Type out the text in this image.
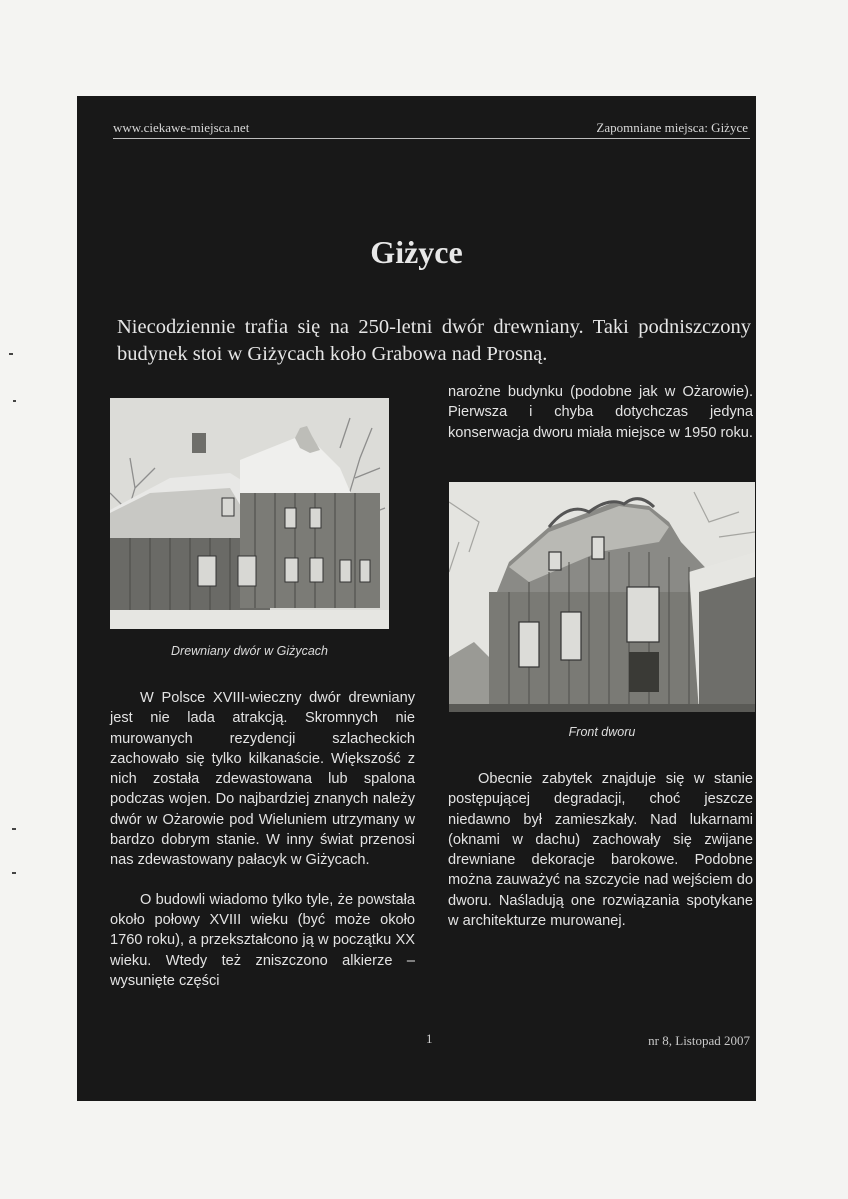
www.ciekawe-miejsca.net	Zapomniane miejsca: Giżyce
Giżyce
Niecodziennie trafia się na 250-letni dwór drewniany. Taki podniszczony budynek stoi w Giżycach koło Grabowa nad Prosną.
Drewniany dwór w Giżycach
Front dworu

W Polsce XVIII-wieczny dwór drewniany jest nie lada atrakcją. Skromnych nie murowanych rezydencji szlacheckich zachowało się tylko kilkanaście. Większość z nich została zdewastowana lub spalona podczas wojen. Do najbardziej znanych należy dwór w Ożarowie pod Wieluniem utrzymany w bardzo dobrym stanie. W inny świat przenosi nas zdewastowany pałacyk w Giżycach.

O budowli wiadomo tylko tyle, że powstała około połowy XVIII wieku (być może około 1760 roku), a przekształcono ją w początku XX wieku. Wtedy też zniszczono alkierze – wysunięte części

narożne budynku (podobne jak w Ożarowie). Pierwsza i chyba dotychczas jedyna konserwacja dworu miała miejsce w 1950 roku.

Obecnie zabytek znajduje się w stanie postępującej degradacji, choć jeszcze niedawno był zamieszkały. Nad lukarnami (oknami w dachu) zachowały się zwijane drewniane dekoracje barokowe. Podobne można zauważyć na szczycie nad wejściem do dworu. Naśladują one rozwiązania spotykane w architekturze murowanej.

1	nr 8, Listopad 2007
